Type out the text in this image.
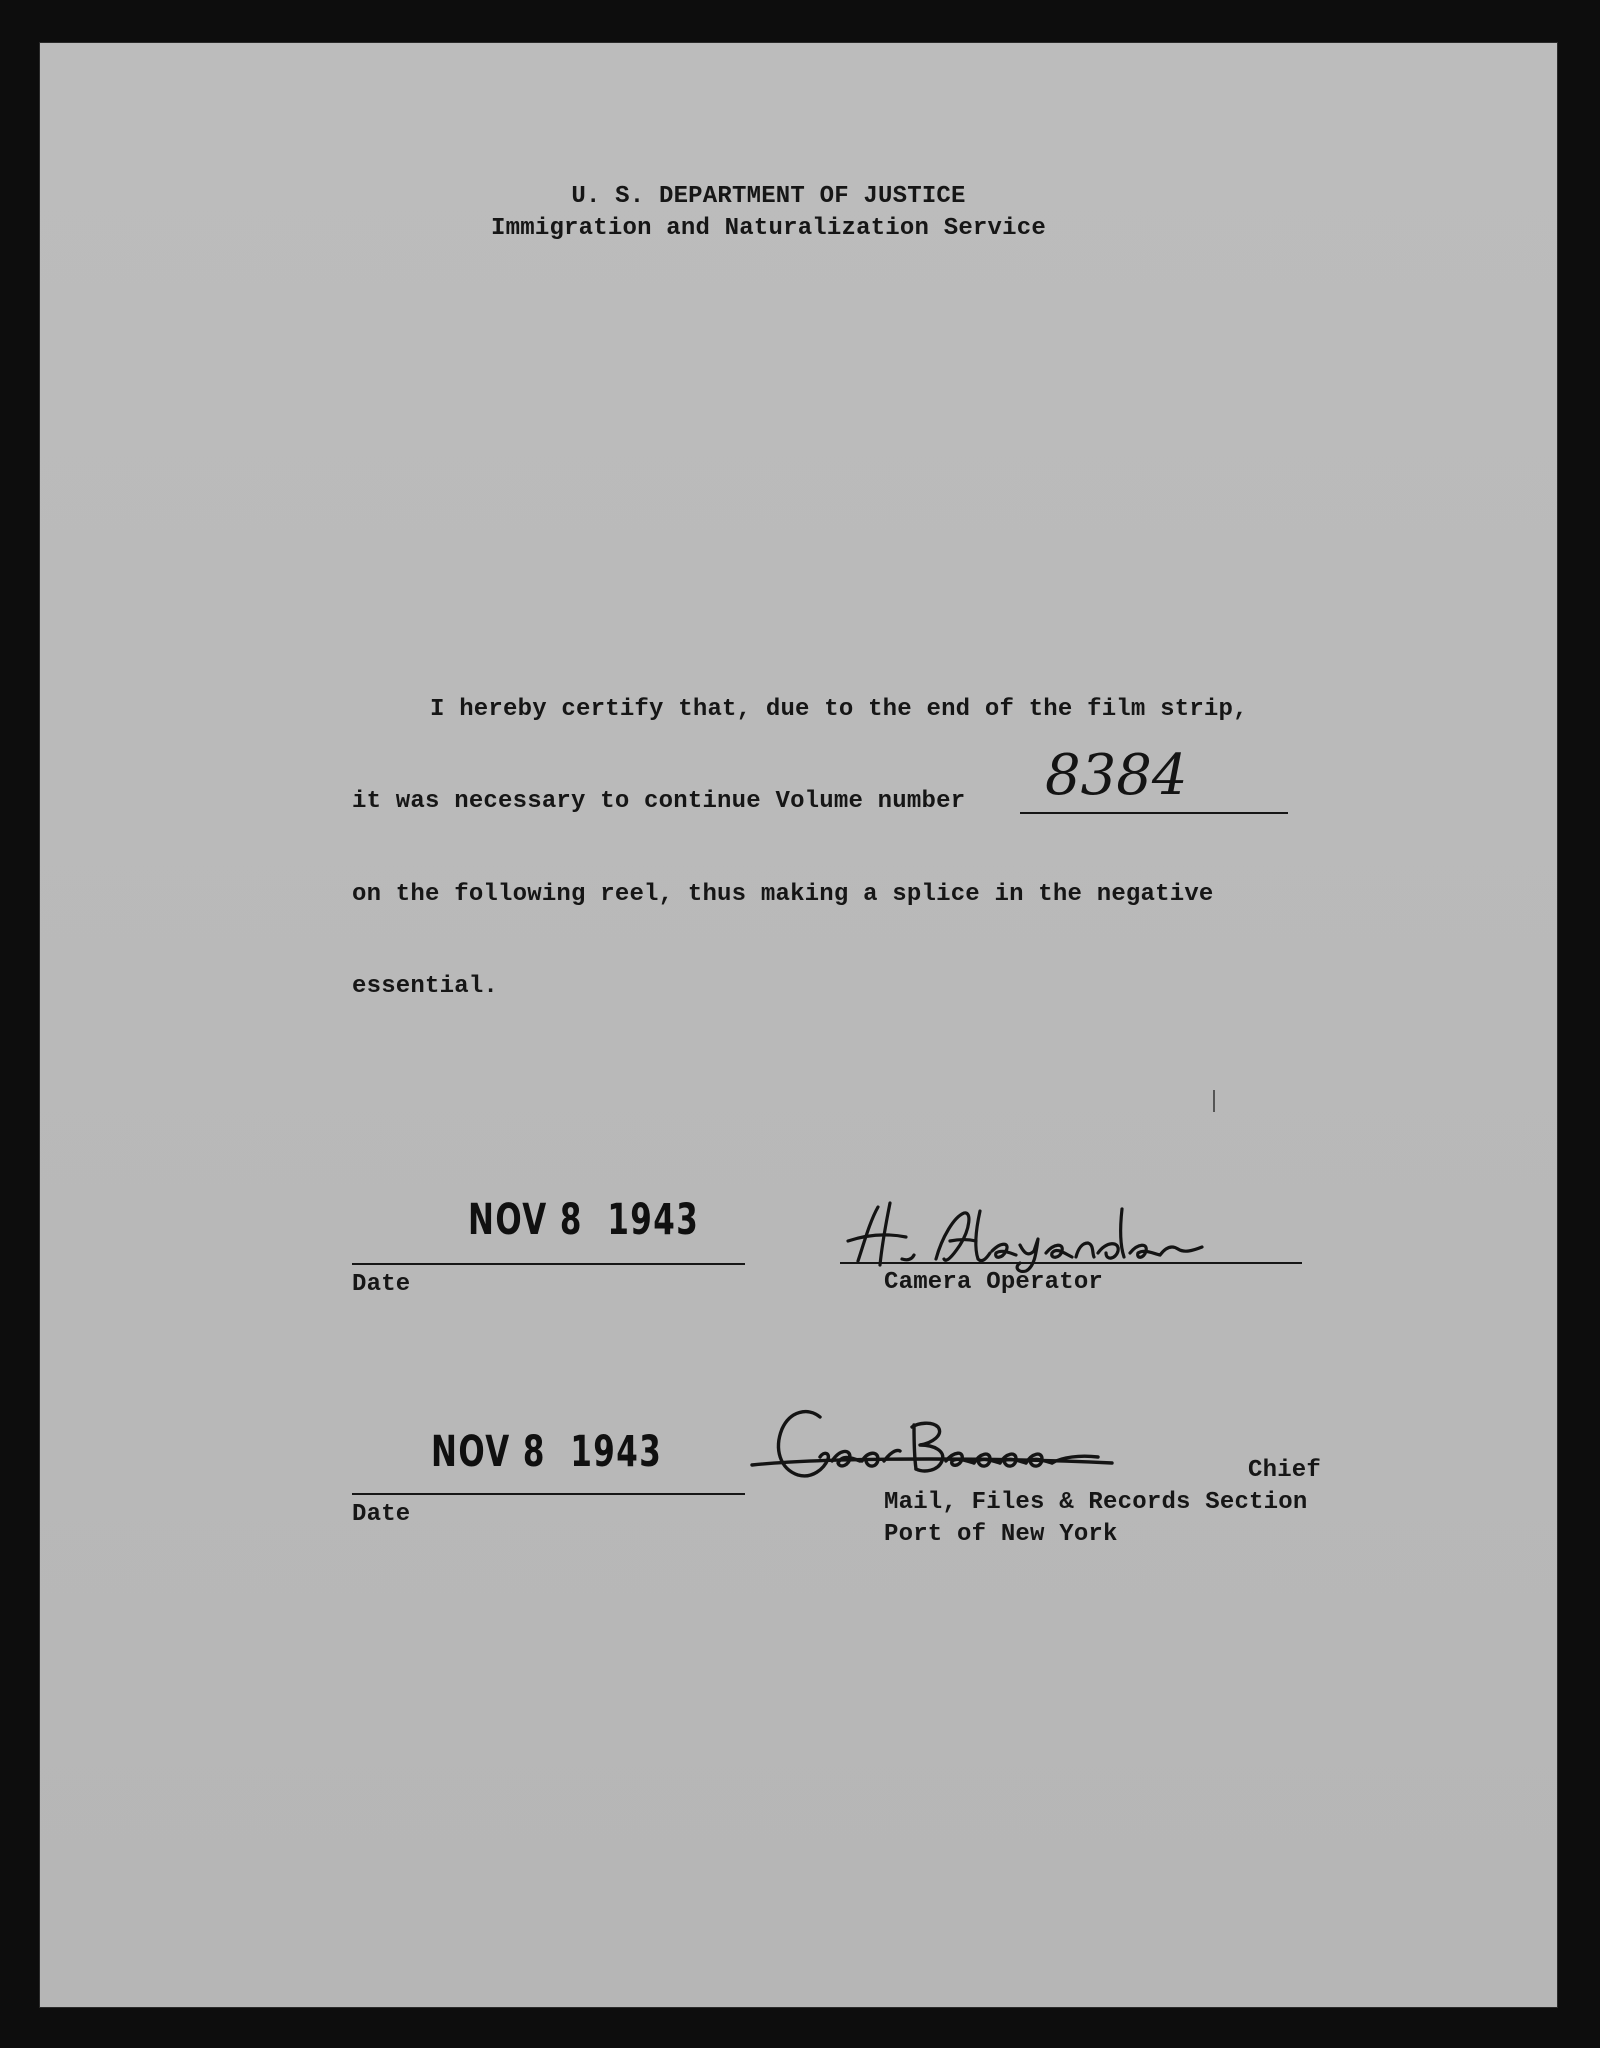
U. S. DEPARTMENT OF JUSTICE
Immigration and Naturalization Service
I hereby certify that, due to the end of the film strip,
it was necessary to continue Volume number 8384
on the following reel, thus making a splice in the negative
essential.
NOV 8  1943
Date	Camera Operator
NOV 8  1943
Date
Chief
Mail, Files & Records Section
Port of New York
